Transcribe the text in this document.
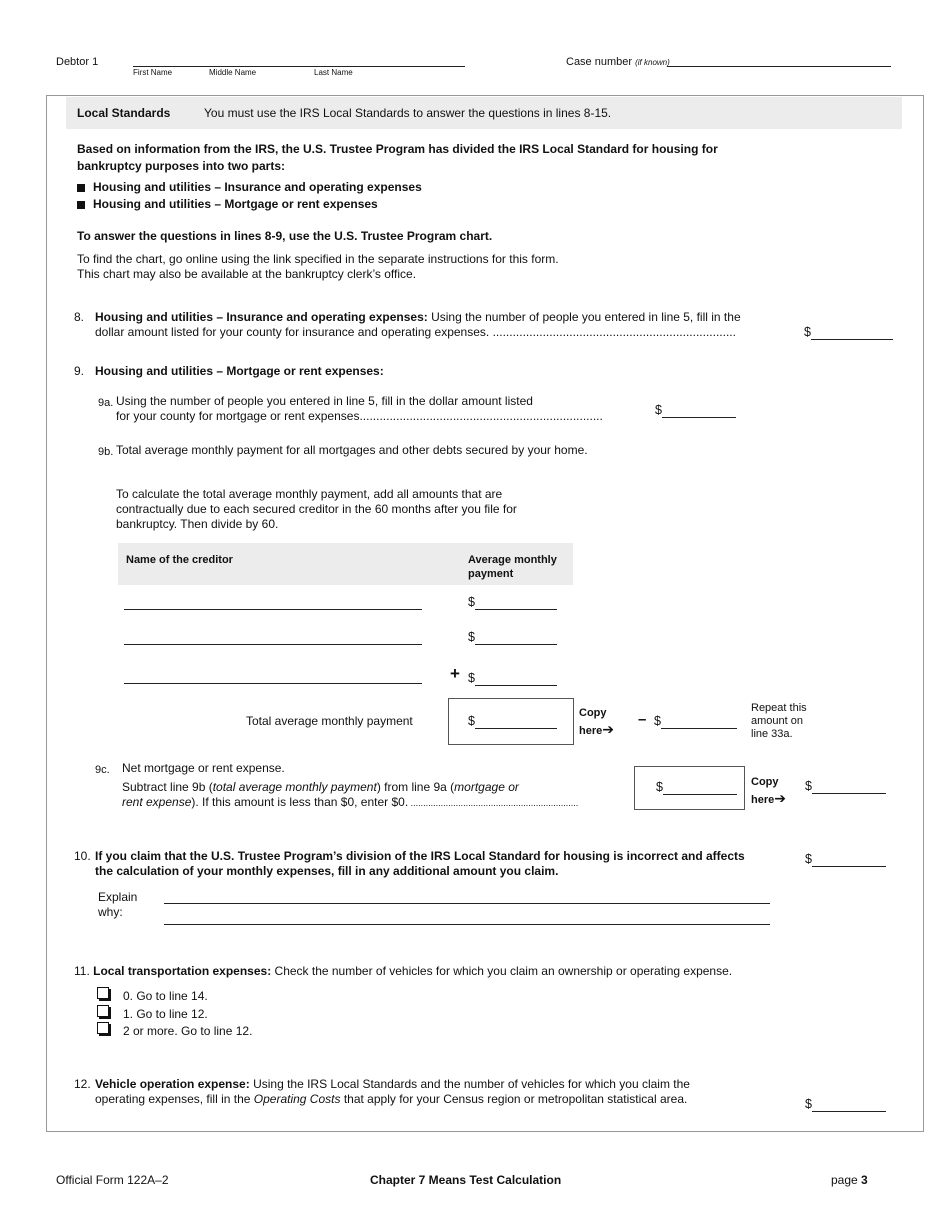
Debtor 1
First Name	Middle Name	Last Name
Case number (if known)
Local Standards	You must use the IRS Local Standards to answer the questions in lines 8-15.
Based on information from the IRS, the U.S. Trustee Program has divided the IRS Local Standard for housing for
bankruptcy purposes into two parts:
Housing and utilities – Insurance and operating expenses
Housing and utilities – Mortgage or rent expenses
To answer the questions in lines 8-9, use the U.S. Trustee Program chart.
To find the chart, go online using the link specified in the separate instructions for this form.
This chart may also be available at the bankruptcy clerk’s office.
8. Housing and utilities – Insurance and operating expenses: Using the number of people you entered in line 5, fill in the
dollar amount listed for your county for insurance and operating expenses. .........................................................................	$
9. Housing and utilities – Mortgage or rent expenses:
9a. Using the number of people you entered in line 5, fill in the dollar amount listed
for your county for mortgage or rent expenses.........................................................................	$
9b. Total average monthly payment for all mortgages and other debts secured by your home.
To calculate the total average monthly payment, add all amounts that are
contractually due to each secured creditor in the 60 months after you file for
bankruptcy. Then divide by 60.
Name of the creditor	Average monthly
payment
$
$
+ $
Total average monthly payment	$
Copy
here➔
– $
Repeat this
amount on
line 33a.
9c. Net mortgage or rent expense.
Subtract line 9b (total average monthly payment) from line 9a (mortgage or
rent expense). If this amount is less than $0, enter $0. ...................................................................
$	Copy
here➔
$
10. If you claim that the U.S. Trustee Program’s division of the IRS Local Standard for housing is incorrect and affects
the calculation of your monthly expenses, fill in any additional amount you claim.
$
Explain
why:
11. Local transportation expenses: Check the number of vehicles for which you claim an ownership or operating expense.
0. Go to line 14.
1. Go to line 12.
2 or more. Go to line 12.
12. Vehicle operation expense: Using the IRS Local Standards and the number of vehicles for which you claim the
operating expenses, fill in the Operating Costs that apply for your Census region or metropolitan statistical area.	$
Official Form 122A–2	Chapter 7 Means Test Calculation	page 3
